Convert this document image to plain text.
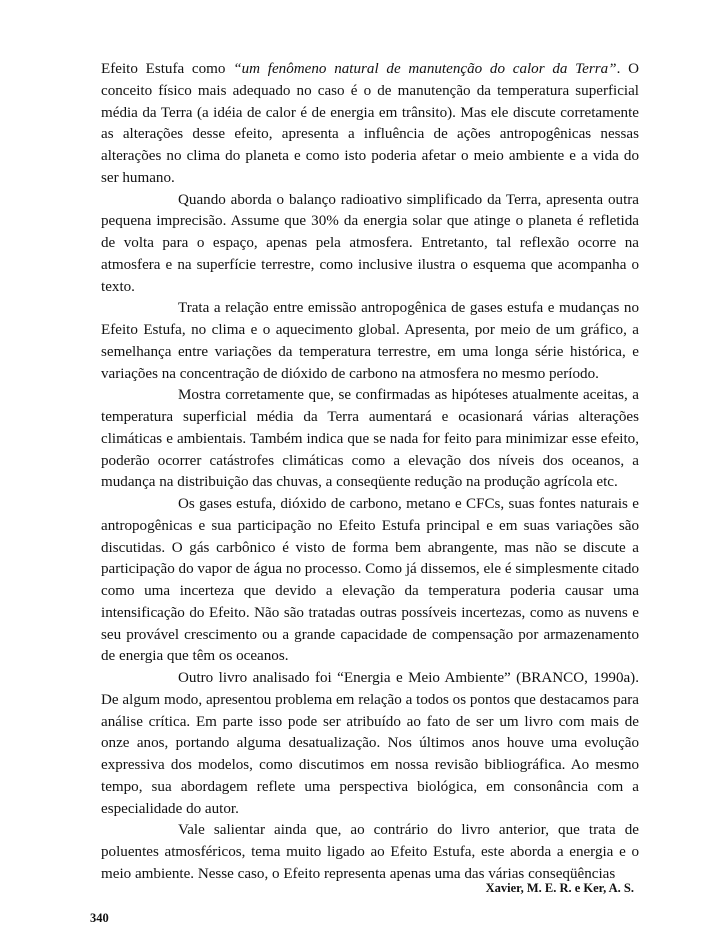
Efeito Estufa como “um fenômeno natural de manutenção do calor da Terra”. O conceito físico mais adequado no caso é o de manutenção da temperatura superficial média da Terra (a idéia de calor é de energia em trânsito). Mas ele discute corretamente as alterações desse efeito, apresenta a influência de ações antropogênicas nessas alterações no clima do planeta e como isto poderia afetar o meio ambiente e a vida do ser humano.

Quando aborda o balanço radioativo simplificado da Terra, apresenta outra pequena imprecisão. Assume que 30% da energia solar que atinge o planeta é refletida de volta para o espaço, apenas pela atmosfera. Entretanto, tal reflexão ocorre na atmosfera e na superfície terrestre, como inclusive ilustra o esquema que acompanha o texto.

Trata a relação entre emissão antropogênica de gases estufa e mudanças no Efeito Estufa, no clima e o aquecimento global. Apresenta, por meio de um gráfico, a semelhança entre variações da temperatura terrestre, em uma longa série histórica, e variações na concentração de dióxido de carbono na atmosfera no mesmo período.

Mostra corretamente que, se confirmadas as hipóteses atualmente aceitas, a temperatura superficial média da Terra aumentará e ocasionará várias alterações climáticas e ambientais. Também indica que se nada for feito para minimizar esse efeito, poderão ocorrer catástrofes climáticas como a elevação dos níveis dos oceanos, a mudança na distribuição das chuvas, a conseqüente redução na produção agrícola etc.

Os gases estufa, dióxido de carbono, metano e CFCs, suas fontes naturais e antropogênicas e sua participação no Efeito Estufa principal e em suas variações são discutidas. O gás carbônico é visto de forma bem abrangente, mas não se discute a participação do vapor de água no processo. Como já dissemos, ele é simplesmente citado como uma incerteza que devido a elevação da temperatura poderia causar uma intensificação do Efeito. Não são tratadas outras possíveis incertezas, como as nuvens e seu provável crescimento ou a grande capacidade de compensação por armazenamento de energia que têm os oceanos.

Outro livro analisado foi “Energia e Meio Ambiente” (BRANCO, 1990a). De algum modo, apresentou problema em relação a todos os pontos que destacamos para análise crítica. Em parte isso pode ser atribuído ao fato de ser um livro com mais de onze anos, portando alguma desatualização. Nos últimos anos houve uma evolução expressiva dos modelos, como discutimos em nossa revisão bibliográfica. Ao mesmo tempo, sua abordagem reflete uma perspectiva biológica, em consonância com a especialidade do autor.

Vale salientar ainda que, ao contrário do livro anterior, que trata de poluentes atmosféricos, tema muito ligado ao Efeito Estufa, este aborda a energia e o meio ambiente. Nesse caso, o Efeito representa apenas uma das várias conseqüências

Xavier, M. E. R. e Ker, A. S.
340
